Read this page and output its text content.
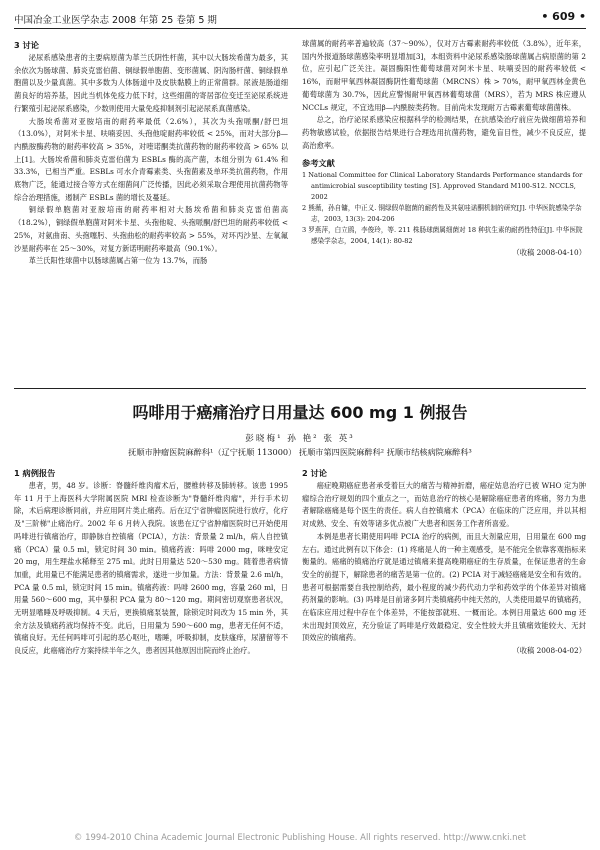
中国冶金工业医学杂志 2008 年第 25 卷第 5 期	• 609 •
3 讨论

泌尿系感染患者的主要病原菌为革兰氏阴性杆菌，其中以大肠埃希菌为最多，其余依次为肠球菌、肺炎克雷伯菌、铜绿假单胞菌、变形菌属、阴沟肠杆菌、铜绿假单胞菌以及少量真菌。其中多数为人体肠道中及皮肤黏膜上的正常菌群。尿液是肠道细菌良好的培养基，因此当机体免疫力低下时，这些细菌的寄居部位变迁至泌尿系统进行繁殖引起泌尿系感染，少数则使用大量免疫抑制剂引起泌尿系真菌感染。

大肠埃希菌对亚胺培南的耐药率最低（2.6%），其次为头孢哌酮/舒巴坦（13.0%），对阿米卡星、呋喃妥因、头孢他啶耐药率较低 < 25%，而对大部分β—内酰胺酶药物的耐药率较高 > 35%，对喹诺酮类抗菌药物的耐药率较高 > 65% 以上[1]。大肠埃希菌和肺炎克雷伯菌为 ESBLs 酶的高产菌，本组分别为 61.4% 和 33.3%，已相当严重。ESBLs 可水介青霉素类、头孢菌素及单环类抗菌药物，作用底物广泛，能通过接合等方式在细菌间广泛传播，因此必须采取合理使用抗菌药物等综合治理措施，遏制产 ESBLs 菌的增长及蔓延。

铜绿假单胞菌对亚胺培南的耐药率相对大肠埃希菌和肺炎克雷伯菌高（18.2%），铜绿假单胞菌对阿米卡星、头孢他啶、头孢哌酮/舒巴坦的耐药率较低 < 25%，对氨曲南、头孢噻肟、头孢曲松的耐药率较高 > 55%，对环丙沙星、左氧氟沙星耐药率在 25～30%，对复方新诺明耐药率最高（90.1%）。

革兰氏阳性球菌中以肠球菌属占第一位为 13.7%，而肠

球菌属的耐药率普遍较高（37～90%），仅对万古霉素耐药率较低（3.8%），近年来，国内外报道肠球菌感染率明显增加[3]，本组资料中泌尿系感染肠球菌属占病原菌的第 2 位，应引起广泛关注。凝固酶阳性葡萄球菌对阿米卡星、呋喃妥因的耐药率较低 < 16%，而耐甲氧西林凝固酶阴性葡萄球菌（MRCNS）株 > 70%，耐甲氧西林金黄色葡萄球菌为 30.7%，因此应警惕耐甲氧西林葡萄球菌（MRS），若为 MRS 株应遵从 NCCLs 规定，不宜选用β—内酰胺类药物。目前尚未发现耐万古霉素葡萄球菌菌株。

总之，治疗泌尿系感染应根据科学的检测结果，在抗感染治疗前应先做细菌培养和药物敏感试验，依据报告结果进行合理选用抗菌药物，避免盲目性，减少不良反应，提高治愈率。

参考文献
1 National Committee for Clinical Laboratory Standards Performance standards for antimicrobial susceptibility testing [S]. Approved Standard M100-S12. NCCLS, 2002
2 熊薇，孙自镛，中正义. 铜绿假单胞菌的耐药性及其氨哇诺酮机制的研究[J]. 中华医院感染学杂志，2003, 13(3): 204-206
3 罗燕萍，白立鸥，李俊玲，等. 211 株肠球菌属细菌对 18 种抗生素的耐药性特征[J]. 中华医院感染学杂志，2004, 14(1): 80-82
（收稿 2008-04-10）
吗啡用于癌痛治疗日用量达 600 mg 1 例报告
彭晓梅¹ 孙 艳² 张 英³
抚顺市肿瘤医院麻醉科¹（辽宁抚顺 113000） 抚顺市第四医院麻醉科² 抚顺市结核病院麻醉科³
1 病例报告

患者，男，48 岁。诊断：脊髓纤维肉瘤术后，腰椎转移及肺转移。该患 1995 年 11 月于上海医科大学附属医院 MRI 检查诊断为"脊髓纤维肉瘤"，并行手术切除，术后病理诊断同前，并应用阿片类止痛药。后在辽宁省肿瘤医院进行放疗，化疗及"三阶梯"止痛治疗。2002 年 6 月转入我院。该患在辽宁省肿瘤医院时已开始使用吗啡进行镇痛治疗，即静脉自控镇痛（PCIA），方法：背景量 2 ml/h，病人自控镇痛（PCA）量 0.5 ml，锁定时间 30 min。镇痛药液：吗啡 2000 mg，咪唑安定 20 mg，用生理盐水稀释至 275 ml。此时日用量达 520～530 mg。随着患者病情加重，此用量已不能满足患者的镇痛需求，遂进一步加量。方法：背景量 2.6 ml/h，PCA 量 0.5 ml，锁定时间 15 min。镇痛药液：吗啡 2600 mg，容量 260 ml，日用量 560～600 mg，其中暴积 PCA 量为 80～120 mg。期间密切观察患者状况，无明显嗜睡及呼吸抑制。4 天后，更换镇痛泵装置，除锁定时间改为 15 min 外，其余方法及镇痛药液均保持不变。此后，日用量为 590～600 mg，患者无任何不适，镇痛良好。无任何吗啡可引起的恶心呕吐，嗜睡，呼吸抑制，皮肤瘙痒，尿潴留等不良反应，此癌痛治疗方案持续半年之久，患者因其他原因出院而终止治疗。

2 讨论

癌症晚期癌症患者承受着巨大的痛苦与精神折磨，癌症姑息治疗已被 WHO 定为肿瘤综合治疗规划的四个重点之一，而姑息治疗的核心是解除癌症患者的疼痛，努力为患者解除癌痛是每个医生的责任。病人自控镇痛术（PCA）在临床的广泛应用，并以其相对成熟、安全、有效等诸多优点被广大患者和医务工作者所喜爱。

本例是患者长期使用吗啡 PCIA 治疗的病例，而且大剂量应用，日用量在 600 mg 左右。通过此例有以下体会：(1) 疼痛是人的一种主观感受，是不能完全依靠客观指标来衡量的。癌痛的镇痛治疗就是通过镇痛来提高晚期癌症的生存质量，在保证患者的生命安全的前提下，解除患者的痛苦是第一位的。(2) PCIA 对于减轻癌痛是安全和有效的。患者可根据需要自我控制给药，最小程度的减少药代动力学和药效学的个体差异对镇痛药剂量的影响。(3) 吗啡是目前诸多阿片类镇痛药中纯天然的，人类使用最早的镇痛药，在临床应用过程中存在个体差异，不能按部就班、一概而论。本例日用量达 600 mg 还未出现封顶效应，充分验证了吗啡是疗效最稳定、安全性较大并且镇痛效能较大、无封顶效应的镇痛药。

（收稿 2008-04-02）
© 1994-2010 China Academic Journal Electronic Publishing House. All rights reserved. http://www.cnki.net
